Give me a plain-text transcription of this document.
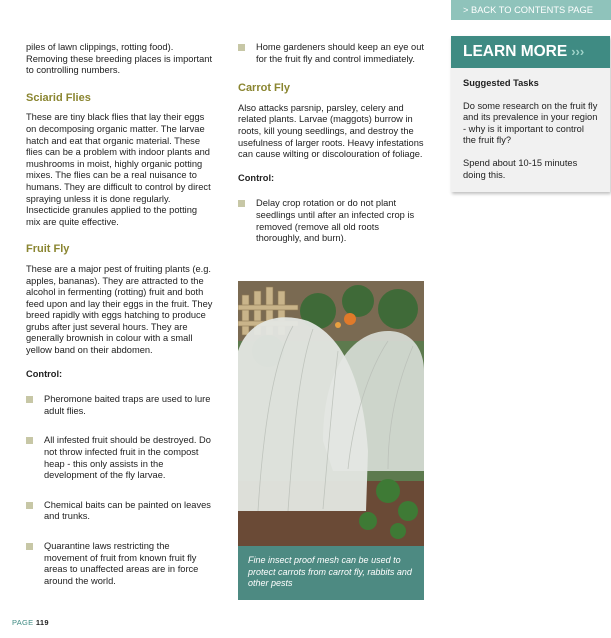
> BACK TO CONTENTS PAGE

piles of lawn clippings, rotting food). Removing these breeding places is important to controlling numbers.

Sciarid Flies

These are tiny black flies that lay their eggs on decomposing organic matter. The larvae hatch and eat that organic material. These flies can be a problem with indoor plants and mushrooms in moist, highly organic potting mixes. The flies can be a real nuisance to humans. They are difficult to control by direct spraying unless it is done regularly. Insecticide granules applied to the potting mix are quite effective.

Fruit Fly

These are a major pest of fruiting plants (e.g. apples, bananas). They are attracted to the alcohol in fermenting (rotting) fruit and both feed upon and lay their eggs in the fruit. They breed rapidly with eggs hatching to produce grubs after just several hours. They are generally brownish in colour with a small yellow band on their abdomen.

Control:
Pheromone baited traps are used to lure adult flies.
All infested fruit should be destroyed. Do not throw infected fruit in the compost heap - this only assists in the development of the fly larvae.
Chemical baits can be painted on leaves and trunks.
Quarantine laws restricting the movement of fruit from known fruit fly areas to unaffected areas are in force around the world.
Home gardeners should keep an eye out for the fruit fly and control immediately.
Carrot Fly

Also attacks parsnip, parsley, celery and related plants. Larvae (maggots) burrow in roots, kill young seedlings, and destroy the usefulness of larger roots. Heavy infestations can cause wilting or discolouration of foliage.

Control:
Delay crop rotation or do not plant seedlings until after an infected crop is removed (remove all old roots thoroughly, and burn).
Fine insect proof mesh can be used to protect carrots from carrot fly, rabbits and other pests
LEARN MORE ›››
Suggested Tasks

Do some research on the fruit fly and its prevalence in your region - why is it important to control the fruit fly?

Spend about 10-15 minutes doing this.

PAGE 119
